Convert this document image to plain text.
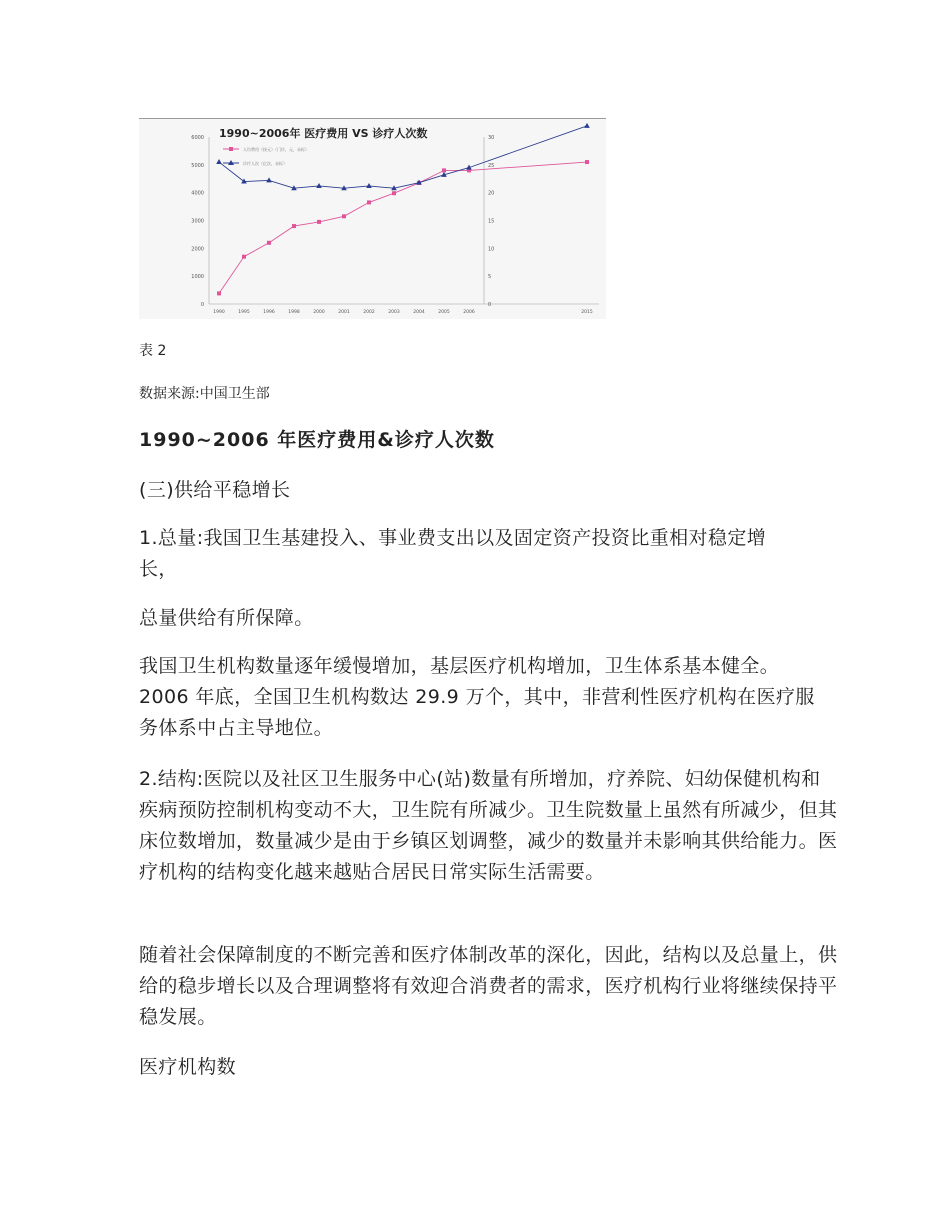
1990~2006年 医疗费用 VS 诊疗人次数
人均费用（按元）（门诊，元，未标）
诊疗人次（亿次，未标）
0
1000
2000
3000
4000
5000
6000
0
5
10
15
20
25
30
1990	1995	1996	1998	2000	2001	2002	2003	2004	2005	2006	2015

表 2

数据来源:中国卫生部

1990~2006 年医疗费用&诊疗人次数

(三)供给平稳增长

1.总量:我国卫生基建投入、事业费支出以及固定资产投资比重相对稳定增长，

总量供给有所保障。

我国卫生机构数量逐年缓慢增加，基层医疗机构增加，卫生体系基本健全。2006 年底，全国卫生机构数达 29.9 万个，其中，非营利性医疗机构在医疗服务体系中占主导地位。

2.结构:医院以及社区卫生服务中心(站)数量有所增加，疗养院、妇幼保健机构和疾病预防控制机构变动不大，卫生院有所减少。卫生院数量上虽然有所减少，但其床位数增加，数量减少是由于乡镇区划调整，减少的数量并未影响其供给能力。医疗机构的结构变化越来越贴合居民日常实际生活需要。

随着社会保障制度的不断完善和医疗体制改革的深化，因此，结构以及总量上，供给的稳步增长以及合理调整将有效迎合消费者的需求，医疗机构行业将继续保持平稳发展。

医疗机构数
